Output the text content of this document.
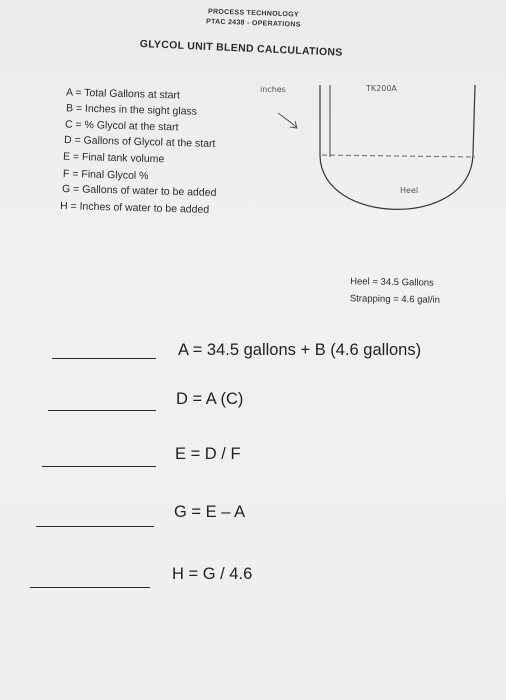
PROCESS TECHNOLOGY
PTAC 2438 - OPERATIONS
GLYCOL UNIT BLEND CALCULATIONS
A = Total Gallons at start
B = Inches in the sight glass
C = % Glycol at the start
D = Gallons of Glycol at the start
E = Final tank volume
F = Final Glycol %
G = Gallons of water to be added
H = Inches of water to be added
inches	TK200A
Heel
Heel = 34.5 Gallons
Strapping = 4.6 gal/in
A = 34.5 gallons + B (4.6 gallons)
D = A (C)
E = D / F
G = E – A
H = G / 4.6
